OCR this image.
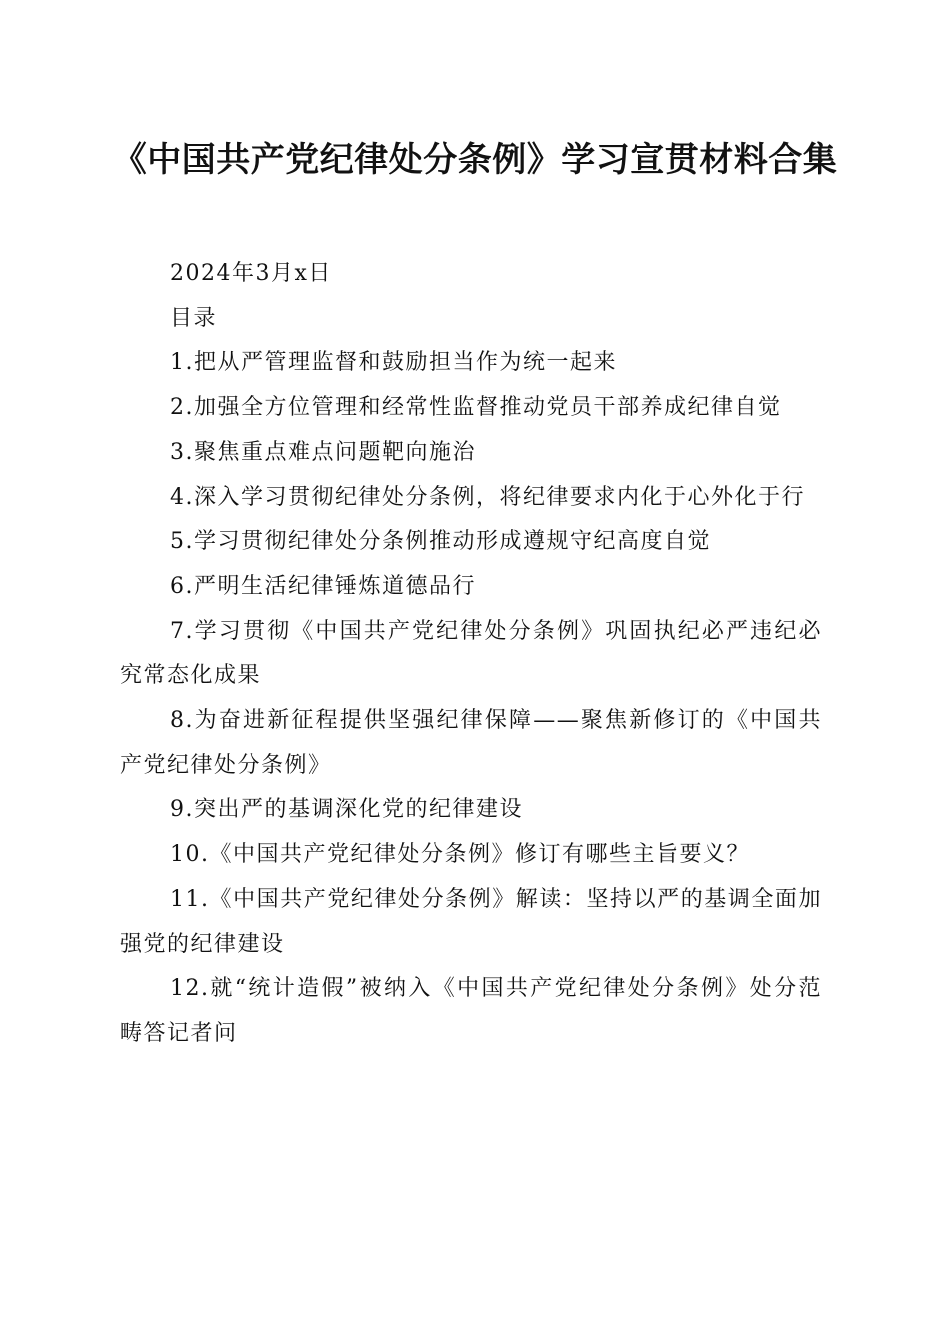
《中国共产党纪律处分条例》学习宣贯材料合集

2024年3月x日

目录

1.把从严管理监督和鼓励担当作为统一起来

2.加强全方位管理和经常性监督推动党员干部养成纪律自觉

3.聚焦重点难点问题靶向施治

4.深入学习贯彻纪律处分条例，将纪律要求内化于心外化于行

5.学习贯彻纪律处分条例推动形成遵规守纪高度自觉

6.严明生活纪律锤炼道德品行

7.学习贯彻《中国共产党纪律处分条例》巩固执纪必严违纪必究常态化成果

8.为奋进新征程提供坚强纪律保障——聚焦新修订的《中国共产党纪律处分条例》

9.突出严的基调深化党的纪律建设

10.《中国共产党纪律处分条例》修订有哪些主旨要义？

11.《中国共产党纪律处分条例》解读：坚持以严的基调全面加强党的纪律建设

12.就“统计造假”被纳入《中国共产党纪律处分条例》处分范畴答记者问
